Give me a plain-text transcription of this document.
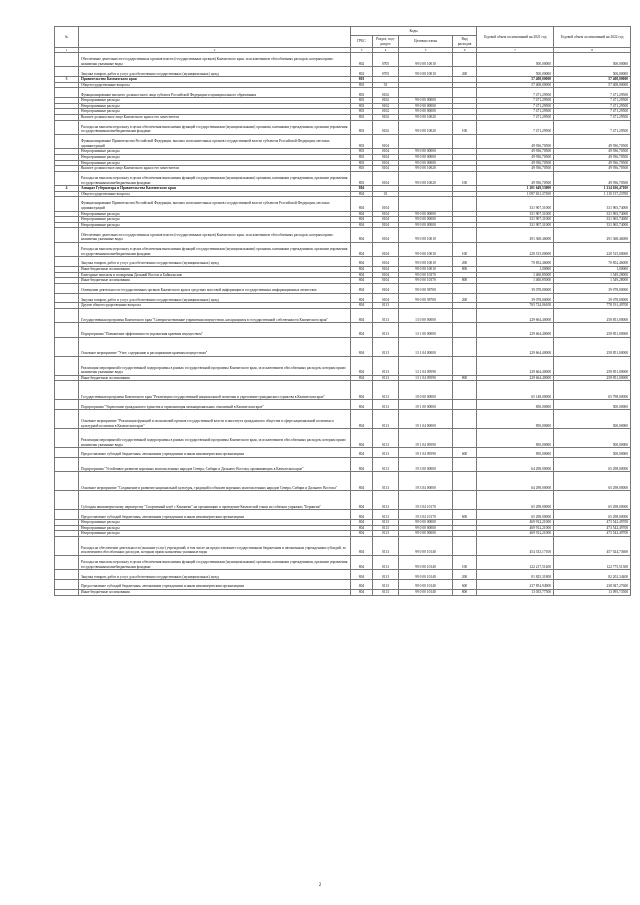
№		Коды				Годовой объем ассигнований на 2021 год	Годовой объем ассигнований на 2022 год
		ГРБС	Раздел, под-раздел	Целевая статья	Вид расходов		
1	2	3	4	5	6	7	8
	Обеспечение деятельности государственных органов власти (государственных органов) Камчатского края, за исключением обособленных расходов, которым прямо назначены указанные виды	802	0705	99 0 00 10010		500,00000	500,00000
	Закупка товаров, работ и услуг для обеспечения государственных (муниципальных) нужд	802	0705	99 0 00 10010	200	500,00000	500,00000
3	Правительство Камчатского края	803				57 408,00000	57 408,00000
	Общегосударственные вопросы	803	01			57 408,00000	57 408,00000
	Функционирование высшего должностного лица субъекта Российской Федерации и муниципального образования	803	0102			7 471,29500	7 471,29500
	Непрограммные расходы	803	0102	99 0 00 00000		7 471,29500	7 471,29500
	Непрограммные расходы	803	0102	99 0 00 00000		7 471,29500	7 471,29500
	Непрограммные расходы	803	0102	99 0 00 00000		7 471,29500	7 471,29500
	Высшее должностное лицо Камчатского края и его заместители	803	0102	99 0 00 10020		7 471,29500	7 471,29500
	Расходы на выплаты персоналу в целях обеспечения выполнения функций государственными (муниципальными) органами, казенными учреждениями, органами управления государственными внебюджетными фондами	803	0102	99 0 00 10020	100	7 471,29500	7 471,29500
	Функционирование Правительства Российской Федерации, высших исполнительных органов государственной власти субъектов Российской Федерации, местных администраций	803	0104			49 936,70500	49 936,70500
	Непрограммные расходы	803	0104	99 0 00 00000		49 936,70500	49 936,70500
	Непрограммные расходы	803	0104	99 0 00 00000		49 936,70500	49 936,70500
	Непрограммные расходы	803	0104	99 0 00 00000		49 936,70500	49 936,70500
	Высшее должностное лицо Камчатского края и его заместители	803	0104	99 0 00 10020		49 936,70500	49 936,70500
	Расходы на выплаты персоналу в целях обеспечения выполнения функций государственными (муниципальными) органами, казенными учреждениями, органами управления государственными внебюджетными фондами	803	0104	99 0 00 10020	100	49 936,70500	49 936,70500
4	Аппарат Губернатора и Правительства Камчатского края	804				1 201 649,53000	1 214 636,47100
	Общегосударственные вопросы	804	01			1 097 631,37100	1 110 157,23700
	Функционирование Правительства Российской Федерации, высших исполнительных органов государственной власти субъектов Российской Федерации, местных администраций	804	0104			331 907,31000	331 965,74000
	Непрограммные расходы	804	0104	99 0 00 00000		331 907,31000	331 965,74000
	Непрограммные расходы	804	0104	99 0 00 00000		331 907,31000	331 965,74000
	Непрограммные расходы	804	0104	99 0 00 00000		331 907,31000	331 965,74000
	Обеспечение деятельности государственных органов власти (государственных органов) Камчатского края, за исключением обособленных расходов, которым прямо назначены указанные виды	804	0104	99 0 00 10010		291 368,46000	291 368,46000
	Расходы на выплаты персоналу в целях обеспечения выполнения функций государственными (муниципальными) органами, казенными учреждениями, органами управления государственными внебюджетными фондами	804	0104	99 0 00 10010	100	220 515,00000	220 515,00000
	Закупка товаров, работ и услуг для обеспечения государственных (муниципальных) нужд	804	0104	99 0 00 10010	200	70 852,46000	70 852,46000
	Иные бюджетные ассигнования	804	0104	99 0 00 10010	800	1,00000	1,00000
	Ежегодные выплаты и поощрения Дальний Восток и Байкальские	804	0104	99 0 00 10370		1 460,85000	1 549,28000
	Иные бюджетные ассигнования	804	0104	99 0 00 10370	800	1 460,85000	1 549,28000
	Освещение деятельности государственных органов Камчатского края в средствах массовой информации и государственных информационных агентствах	804	0104	99 0 00 58700		39 078,00000	39 078,00000
	Закупка товаров, работ и услуг для обеспечения государственных (муниципальных) нужд	804	0104	99 0 00 58700	200	39 078,00000	39 078,00000
	Другие общегосударственные вопросы	804	0113			765 724,06100	778 191,49700
	Государственная программа Камчатского края "Совершенствование управления имуществом, находящимся в государственной собственности Камчатского края"	804	0113	13 0 00 00000		229 664,40000	258 851,00000
	Подпрограмма "Повышение эффективности управления краевым имуществом"	804	0113	13 1 00 00000		229 664,40000	258 851,00000
	Основное мероприятие "Учет, содержание и распоряжение краевым имуществом"	804	0113	13 1 04 00000		229 664,40000	258 851,00000
	Реализация мероприятий государственной подпрограммы в рамках государственной программы Камчатского края, за исключением обособленных расходов, которым прямо назначены указанные виды	804	0113	13 1 04 09590		229 664,40000	258 851,00000
	Иные бюджетные ассигнования	804	0113	13 1 04 09590	800	229 664,40000	258 851,00000
	Государственная программа Камчатского края "Реализация государственной национальной политики и укрепление гражданского единства в Камчатском крае"	804	0113	19 0 00 00000		65 148,00000	65 798,00000
	Подпрограмма "Укрепление гражданского единства и гармонизация межнациональных отношений в Камчатском крае"	804	0113	19 1 00 00000		850,00000	500,00000
	Основное мероприятие "Реализация функций и полномочий органов государственной власти и института гражданского общества в сфере национальной политики и культурной политики в Камчатском крае"	804	0113	19 1 04 00000		850,00000	500,00000
	Реализация мероприятий государственной подпрограммы в рамках государственной программы Камчатского края, за исключением обособленных расходов, которым прямо назначены указанные виды	804	0113	19 1 04 09590		850,00000	500,00000
	Предоставление субсидий бюджетным, автономным учреждениям и иным некоммерческим организациям	804	0113	19 1 04 09590	600	850,00000	500,00000
	Подпрограмма "Устойчивое развитие коренных малочисленных народов Севера, Сибири и Дальнего Востока, проживающих в Камчатском крае"	804	0113	19 3 00 00000		64 298,00000	65 298,00000
	Основное мероприятие "Сохранение и развитие национальной культуры, традиций и обычаев коренных малочисленных народов Севера, Сибири и Дальнего Востока"	804	0113	19 3 04 00000		64 298,00000	65 298,00000
	Субсидия некоммерческому партнерству "Спортивный клуб с Камчатки" на организацию и проведение Камчатской гонки на собачьих упряжках "Берингия"	804	0113	19 3 04 10170		65 298,00000	65 298,00000
	Предоставление субсидий бюджетным, автономным учреждениям и иным некоммерческим организациям	804	0113	19 3 04 10170	600	65 298,00000	65 298,00000
	Непрограммные расходы	804	0113	99 0 00 00000		469 912,21000	473 542,49700
	Непрограммные расходы	804	0113	99 0 00 00000		469 912,21000	473 542,49700
	Непрограммные расходы	804	0113	99 0 00 00000		469 912,21000	473 542,49700
	Расходы на обеспечение деятельности (оказание услуг) учреждений, в том числе на предоставление государственным бюджетным и автономным учреждениям субсидий, за исключением обособленных расходов, которым прямо назначены указанные виды	804	0113	99 0 00 10140		454 333,17100	457 024,73600
	Расходы на выплаты персоналу в целях обеспечения выполнения функций государственными (муниципальными) органами, казенными учреждениями, органами управления государственными внебюджетными фондами	804	0113	99 0 00 10140	100	122 217,51400	122 775,51300
	Закупка товаров, работ и услуг для обеспечения государственных (муниципальных) нужд	804	0113	99 0 00 10140	200	81 825,31800	82 202,34400
	Предоставление субсидий бюджетным, автономным учреждениям и иным некоммерческим организациям	804	0113	99 0 00 10140	600	237 854,94900	238 947,27600
	Иные бюджетные ассигнования	804	0113	99 0 00 10140	800	13 035,77500	13 095,73500
2
